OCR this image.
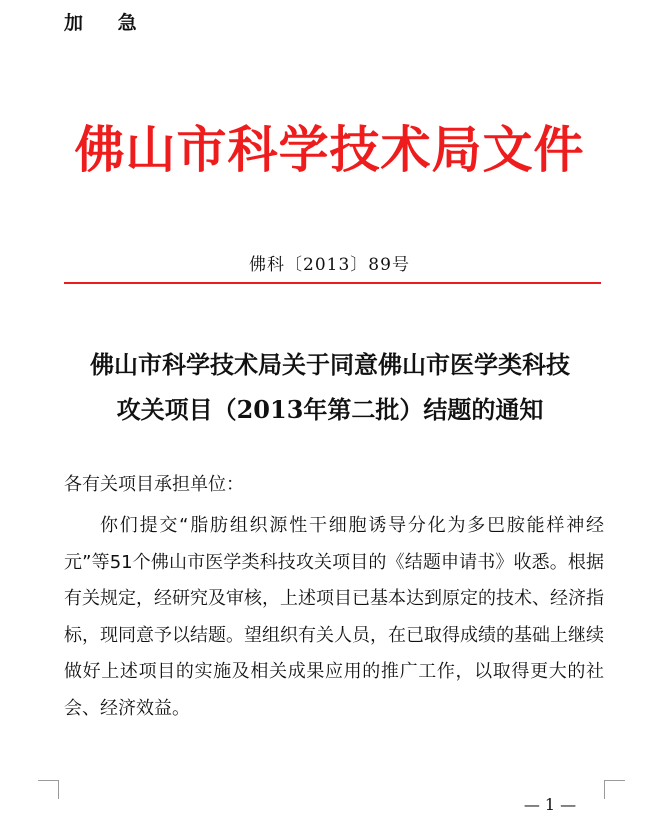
加 急
佛山市科学技术局文件
佛科〔2013〕89号
佛山市科学技术局关于同意佛山市医学类科技
攻关项目（2013年第二批）结题的通知
各有关项目承担单位：
你们提交“脂肪组织源性干细胞诱导分化为多巴胺能样神经元”等51个佛山市医学类科技攻关项目的《结题申请书》收悉。根据有关规定，经研究及审核，上述项目已基本达到原定的技术、经济指标，现同意予以结题。望组织有关人员，在已取得成绩的基础上继续做好上述项目的实施及相关成果应用的推广工作，以取得更大的社会、经济效益。
— 1 —
